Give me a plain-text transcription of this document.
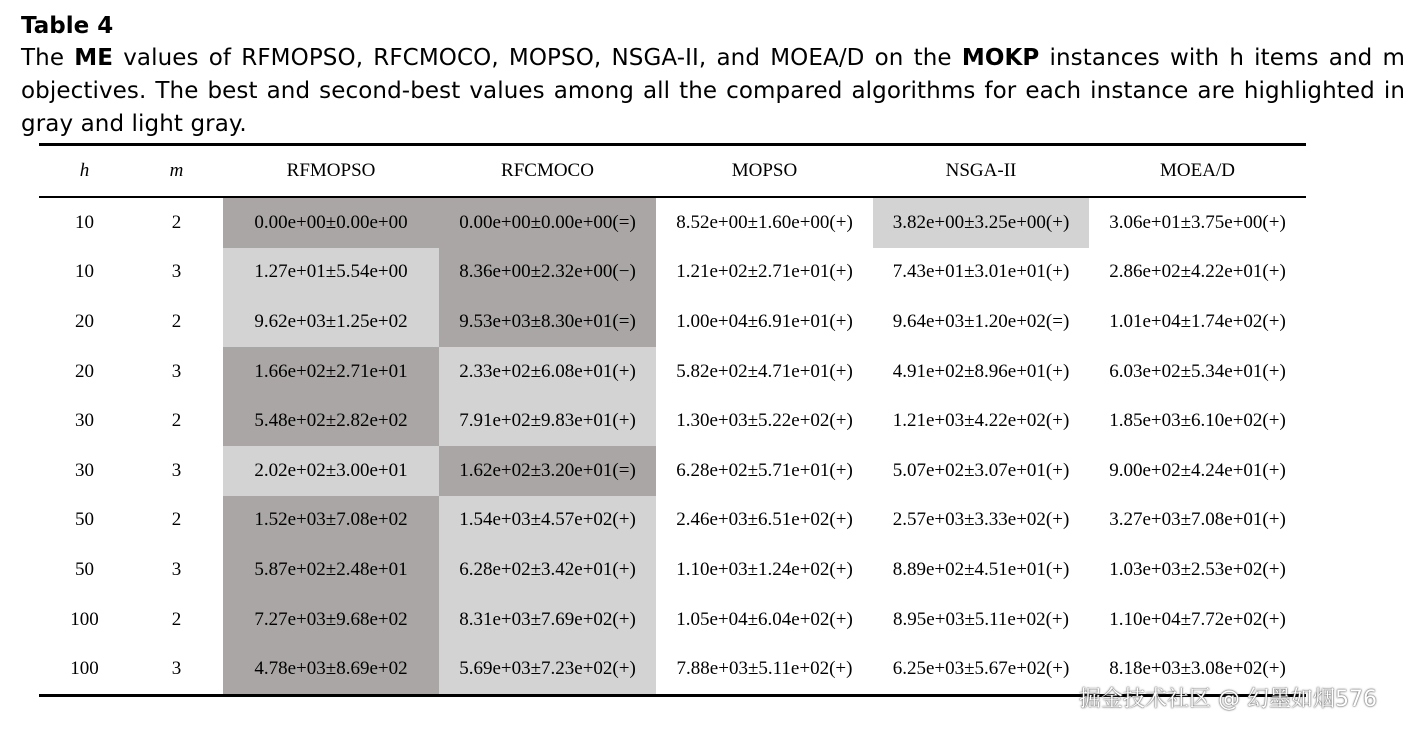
Table 4

The ME values of RFMOPSO, RFCMOCO, MOPSO, NSGA-II, and MOEA/D on the MOKP instances with h items and m objectives. The best and second-best values among all the compared algorithms for each instance are highlighted in gray and light gray.

h	m	RFMOPSO	RFCMOCO	MOPSO	NSGA-II	MOEA/D
10	2	0.00e+00±0.00e+00	0.00e+00±0.00e+00(=)	8.52e+00±1.60e+00(+)	3.82e+00±3.25e+00(+)	3.06e+01±3.75e+00(+)
10	3	1.27e+01±5.54e+00	8.36e+00±2.32e+00(−)	1.21e+02±2.71e+01(+)	7.43e+01±3.01e+01(+)	2.86e+02±4.22e+01(+)
20	2	9.62e+03±1.25e+02	9.53e+03±8.30e+01(=)	1.00e+04±6.91e+01(+)	9.64e+03±1.20e+02(=)	1.01e+04±1.74e+02(+)
20	3	1.66e+02±2.71e+01	2.33e+02±6.08e+01(+)	5.82e+02±4.71e+01(+)	4.91e+02±8.96e+01(+)	6.03e+02±5.34e+01(+)
30	2	5.48e+02±2.82e+02	7.91e+02±9.83e+01(+)	1.30e+03±5.22e+02(+)	1.21e+03±4.22e+02(+)	1.85e+03±6.10e+02(+)
30	3	2.02e+02±3.00e+01	1.62e+02±3.20e+01(=)	6.28e+02±5.71e+01(+)	5.07e+02±3.07e+01(+)	9.00e+02±4.24e+01(+)
50	2	1.52e+03±7.08e+02	1.54e+03±4.57e+02(+)	2.46e+03±6.51e+02(+)	2.57e+03±3.33e+02(+)	3.27e+03±7.08e+01(+)
50	3	5.87e+02±2.48e+01	6.28e+02±3.42e+01(+)	1.10e+03±1.24e+02(+)	8.89e+02±4.51e+01(+)	1.03e+03±2.53e+02(+)
100	2	7.27e+03±9.68e+02	8.31e+03±7.69e+02(+)	1.05e+04±6.04e+02(+)	8.95e+03±5.11e+02(+)	1.10e+04±7.72e+02(+)
100	3	4.78e+03±8.69e+02	5.69e+03±7.23e+02(+)	7.88e+03±5.11e+02(+)	6.25e+03±5.67e+02(+)	8.18e+03±3.08e+02(+)
掘金技术社区 @ 幻墨如烟576
